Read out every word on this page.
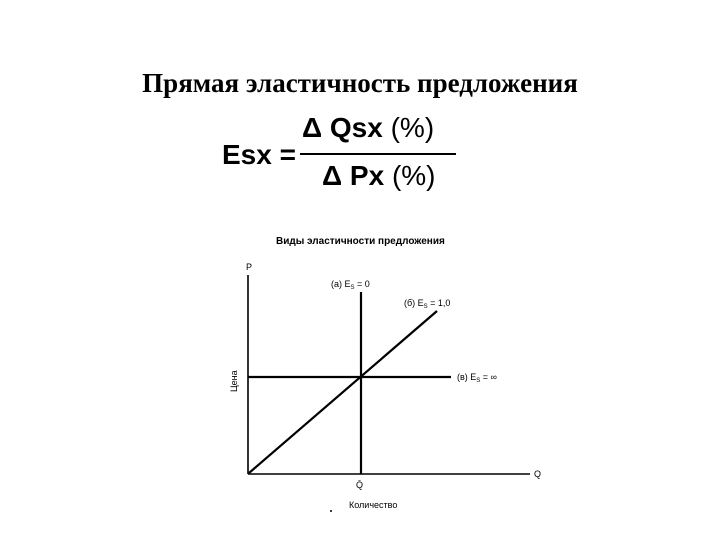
Прямая эластичность предложения
Esx =
Δ Qsx (%)
Δ Px (%)
Виды эластичности предложения
P
Q
Цена
Количество
Q̄
(а) $E_S = 0$
(б) $E_S = 1,0$
(в) $E_S$ = ∞
